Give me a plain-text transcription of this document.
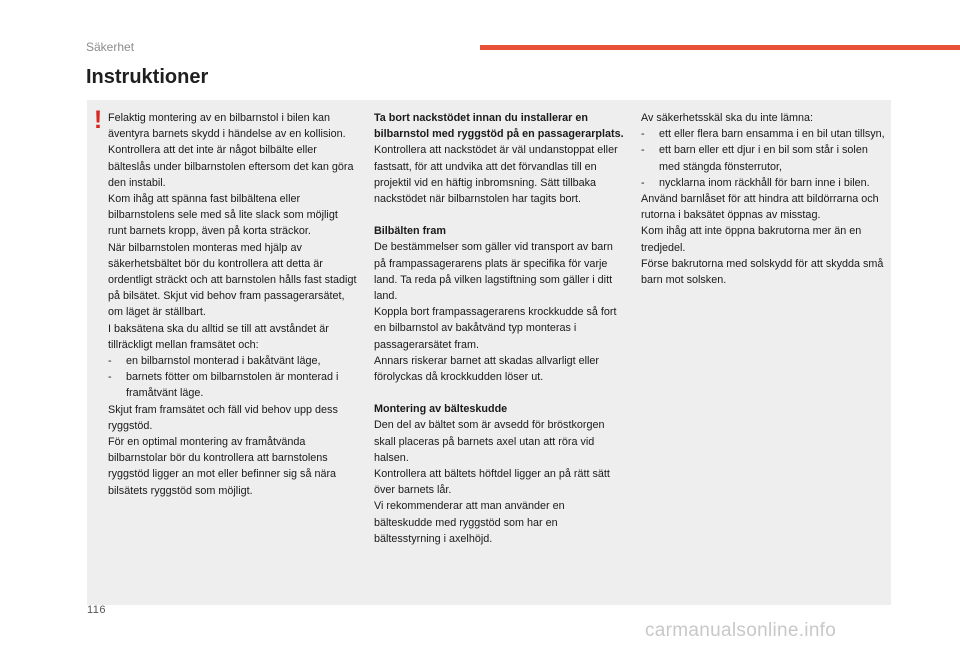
Säkerhet
Instruktioner
! Felaktig montering av en bilbarnstol i bilen kan äventyra barnets skydd i händelse av en kollision.

Kontrollera att det inte är något bilbälte eller bälteslås under bilbarnstolen eftersom det kan göra den instabil.

Kom ihåg att spänna fast bilbältena eller bilbarnstolens sele med så lite slack som möjligt runt barnets kropp, även på korta sträckor.

När bilbarnstolen monteras med hjälp av säkerhetsbältet bör du kontrollera att detta är ordentligt sträckt och att barnstolen hålls fast stadigt på bilsätet. Skjut vid behov fram passagerarsätet, om läget är ställbart.

I baksätena ska du alltid se till att avståndet är tillräckligt mellan framsätet och:

-	en bilbarnstol monterad i bakåtvänt läge,
-	barnets fötter om bilbarnstolen är monterad i framåtvänt läge.

Skjut fram framsätet och fäll vid behov upp dess ryggstöd.

För en optimal montering av framåtvända bilbarnstolar bör du kontrollera att barnstolens ryggstöd ligger an mot eller befinner sig så nära bilsätets ryggstöd som möjligt.

Ta bort nackstödet innan du installerar en bilbarnstol med ryggstöd på en passagerarplats.

Kontrollera att nackstödet är väl undanstoppat eller fastsatt, för att undvika att det förvandlas till en projektil vid en häftig inbromsning. Sätt tillbaka nackstödet när bilbarnstolen har tagits bort.

Bilbälten fram

De bestämmelser som gäller vid transport av barn på frampassagerarens plats är specifika för varje land. Ta reda på vilken lagstiftning som gäller i ditt land.

Koppla bort frampassagerarens krockkudde så fort en bilbarnstol av bakåtvänd typ monteras i passagerarsätet fram.

Annars riskerar barnet att skadas allvarligt eller förolyckas då krockkudden löser ut.

Montering av bälteskudde

Den del av bältet som är avsedd för bröstkorgen skall placeras på barnets axel utan att röra vid halsen.

Kontrollera att bältets höftdel ligger an på rätt sätt över barnets lår.

Vi rekommenderar att man använder en bälteskudde med ryggstöd som har en bältesstyrning i axelhöjd.

Av säkerhetsskäl ska du inte lämna:

-	ett eller flera barn ensamma i en bil utan tillsyn,
-	ett barn eller ett djur i en bil som står i solen med stängda fönsterrutor,
-	nycklarna inom räckhåll för barn inne i bilen.

Använd barnlåset för att hindra att bildörrarna och rutorna i baksätet öppnas av misstag.

Kom ihåg att inte öppna bakrutorna mer än en tredjedel.

Förse bakrutorna med solskydd för att skydda små barn mot solsken.

116
carmanualsonline.info
